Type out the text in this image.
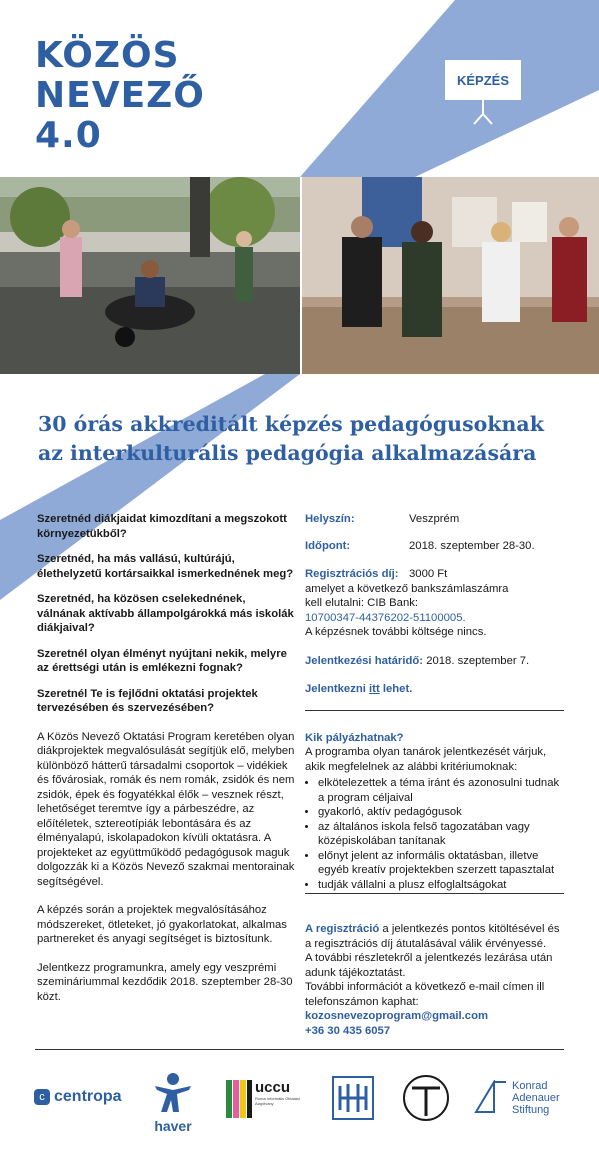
KÖZÖS
NEVEZŐ
4.0
KÉPZÉS
30 órás akkreditált képzés pedagógusoknak
az interkulturális pedagógia alkalmazására

Szeretnéd diákjaidat kimozdítani a megszokott környezetükből?

Szeretnéd, ha más vallású, kultúrájú, élethelyzetű kortársaikkal ismerkednének meg?

Szeretnéd, ha közösen cselekednének, válnának aktívabb állampolgárokká más iskolák diákjaival?

Szeretnél olyan élményt nyújtani nekik, melyre az érettségi után is emlékezni fognak?

Szeretnél Te is fejlődni oktatási projektek tervezésében és szervezésében?

A Közös Nevező Oktatási Program keretében olyan diákprojektek megvalósulását segítjük elő, melyben különböző hátterű társadalmi csoportok – vidékiek és fővárosiak, romák és nem romák, zsidók és nem zsidók, épek és fogyatékkal élők – vesznek részt, lehetőséget teremtve így a párbeszédre, az előítéletek, sztereotípiák lebontására és az élményalapú, iskolapadokon kívüli oktatásra. A projekteket az együttműködő pedagógusok maguk dolgozzák ki a Közös Nevező szakmai mentorainak segítségével.

A képzés során a projektek megvalósításához módszereket, ötleteket, jó gyakorlatokat, alkalmas partnereket és anyagi segítséget is biztosítunk.

Jelentkezz programunkra, amely egy veszprémi szemináriummal kezdődik 2018. szeptember 28-30 közt.

Helyszín:	Veszprém
Időpont:	2018. szeptember 28-30.
Regisztrációs díj: 3000 Ft
amelyet a következő bankszámlaszámra
kell elutalni: CIB Bank:
10700347-44376202-51100005.
A képzésnek további költsége nincs.
Jelentkezési határidő: 2018. szeptember 7.
Jelentkezni itt lehet.
Kik pályázhatnak?
A programba olyan tanárok jelentkezését várjuk, akik megfelelnek az alábbi kritériumoknak:
• elkötelezettek a téma iránt és azonosulni tudnak a program céljaival
• gyakorló, aktív pedagógusok
• az általános iskola felső tagozatában vagy középiskolában tanítanak
• előnyt jelent az informális oktatásban, illetve egyéb kreatív projektekben szerzett tapasztalat
• tudják vállalni a plusz elfoglaltságokat
A regisztráció a jelentkezés pontos kitöltésével és a regisztrációs díj átutalásával válik érvényessé.
A további részletekről a jelentkezés lezárása után adunk tájékoztatást.
További információt a következő e-mail címen ill telefonszámon kaphat:
kozosnevezoprogram@gmail.com
+36 30 435 6057
c centropa
haver
uccu
Roma Informális Oktatási Alapítvány
Konrad
Adenauer
Stiftung
